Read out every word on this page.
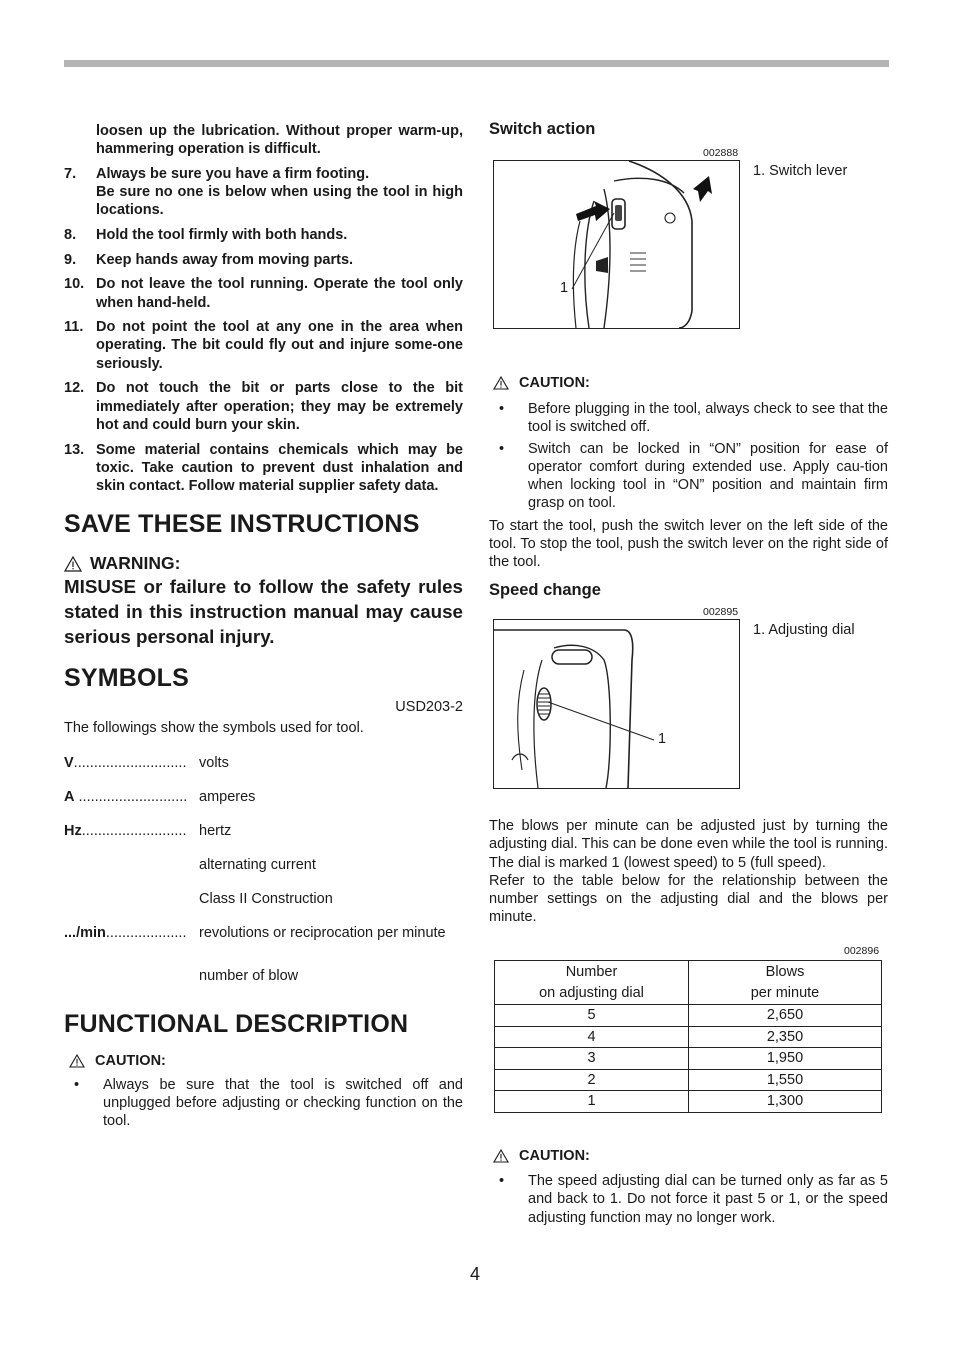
loosen up the lubrication. Without proper warm-up, hammering operation is difficult.
7. Always be sure you have a firm footing.
Be sure no one is below when using the tool in high locations.
8. Hold the tool firmly with both hands.
9. Keep hands away from moving parts.
10. Do not leave the tool running. Operate the tool only when hand-held.
11. Do not point the tool at any one in the area when operating. The bit could fly out and injure some-one seriously.
12. Do not touch the bit or parts close to the bit immediately after operation; they may be extremely hot and could burn your skin.
13. Some material contains chemicals which may be toxic. Take caution to prevent dust inhalation and skin contact. Follow material supplier safety data.
SAVE THESE INSTRUCTIONS
WARNING:
MISUSE or failure to follow the safety rules stated in this instruction manual may cause serious personal injury.
SYMBOLS
USD203-2
The followings show the symbols used for tool.
V............................ volts
A ........................... amperes
Hz.......................... hertz
alternating current
Class II Construction
.../min.................... revolutions or reciprocation per minute
number of blow
FUNCTIONAL DESCRIPTION
CAUTION:
• Always be sure that the tool is switched off and unplugged before adjusting or checking function on the tool.
Switch action
002888
1
1. Switch lever
CAUTION:
• Before plugging in the tool, always check to see that the tool is switched off.
• Switch can be locked in “ON” position for ease of operator comfort during extended use. Apply cau-tion when locking tool in “ON” position and maintain firm grasp on tool.
To start the tool, push the switch lever on the left side of the tool. To stop the tool, push the switch lever on the right side of the tool.
Speed change
002895
1
1. Adjusting dial
The blows per minute can be adjusted just by turning the adjusting dial. This can be done even while the tool is running. The dial is marked 1 (lowest speed) to 5 (full speed).
Refer to the table below for the relationship between the number settings on the adjusting dial and the blows per minute.
002896
Number
on adjusting dial	Blows
per minute
5	2,650
4	2,350
3	1,950
2	1,550
1	1,300
CAUTION:
• The speed adjusting dial can be turned only as far as 5 and back to 1. Do not force it past 5 or 1, or the speed adjusting function may no longer work.
4
